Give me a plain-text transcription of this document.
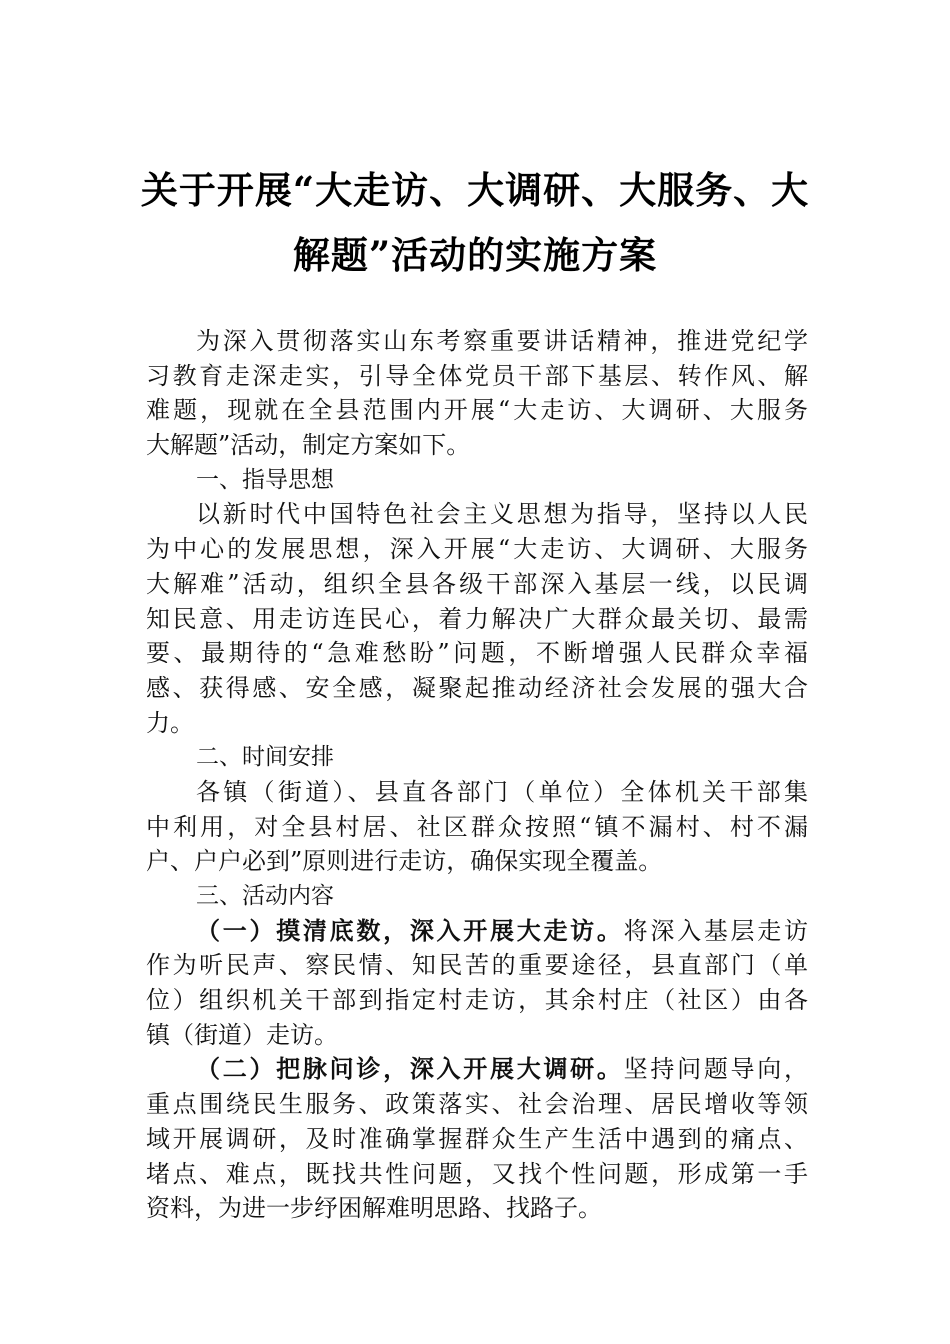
关于开展“大走访、大调研、大服务、大
解题”活动的实施方案
为深入贯彻落实山东考察重要讲话精神，推进党纪学
习教育走深走实，引导全体党员干部下基层、转作风、解
难题，现就在全县范围内开展“大走访、大调研、大服务
大解题”活动，制定方案如下。
一、指导思想
以新时代中国特色社会主义思想为指导，坚持以人民
为中心的发展思想，深入开展“大走访、大调研、大服务
大解难”活动，组织全县各级干部深入基层一线，以民调
知民意、用走访连民心，着力解决广大群众最关切、最需
要、最期待的“急难愁盼”问题，不断增强人民群众幸福
感、获得感、安全感，凝聚起推动经济社会发展的强大合
力。
二、时间安排
各镇（街道）、县直各部门（单位）全体机关干部集
中利用，对全县村居、社区群众按照“镇不漏村、村不漏
户、户户必到”原则进行走访，确保实现全覆盖。
三、活动内容
（一）摸清底数，深入开展大走访。将深入基层走访
作为听民声、察民情、知民苦的重要途径，县直部门（单
位）组织机关干部到指定村走访，其余村庄（社区）由各
镇（街道）走访。
（二）把脉问诊，深入开展大调研。坚持问题导向，
重点围绕民生服务、政策落实、社会治理、居民增收等领
域开展调研，及时准确掌握群众生产生活中遇到的痛点、
堵点、难点，既找共性问题，又找个性问题，形成第一手
资料，为进一步纾困解难明思路、找路子。
